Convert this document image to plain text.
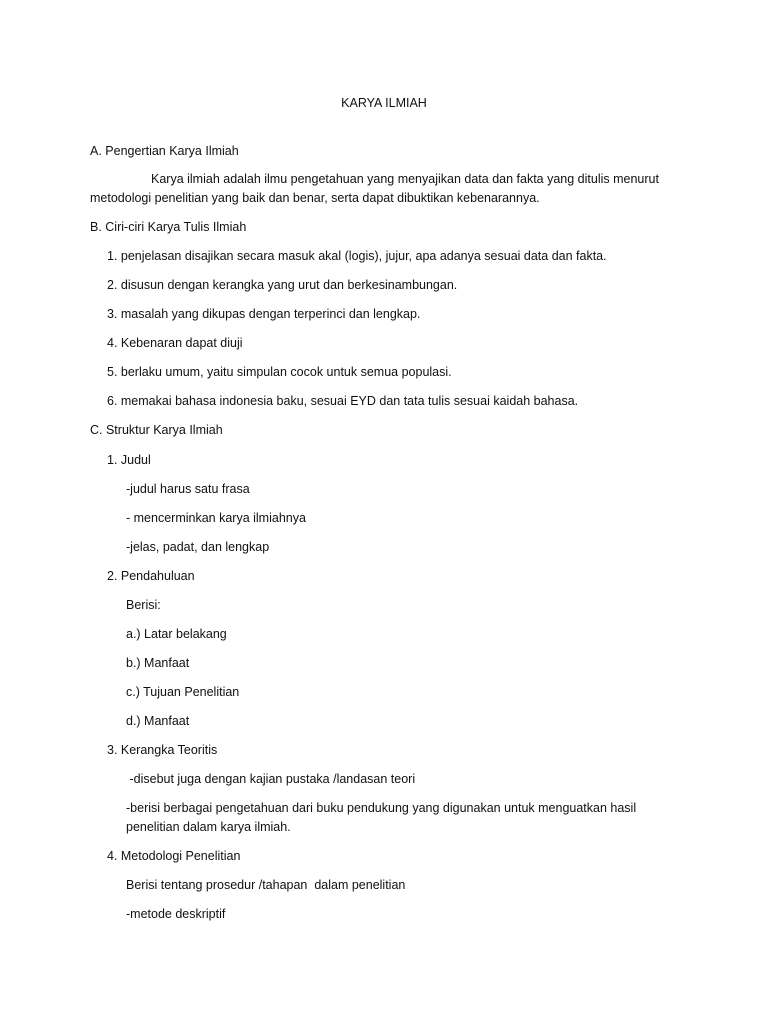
KARYA ILMIAH
A. Pengertian Karya Ilmiah
Karya ilmiah adalah ilmu pengetahuan yang menyajikan data dan fakta yang ditulis menurut
metodologi penelitian yang baik dan benar, serta dapat dibuktikan kebenarannya.
B. Ciri-ciri Karya Tulis Ilmiah
1. penjelasan disajikan secara masuk akal (logis), jujur, apa adanya sesuai data dan fakta.
2. disusun dengan kerangka yang urut dan berkesinambungan.
3. masalah yang dikupas dengan terperinci dan lengkap.
4. Kebenaran dapat diuji
5. berlaku umum, yaitu simpulan cocok untuk semua populasi.
6. memakai bahasa indonesia baku, sesuai EYD dan tata tulis sesuai kaidah bahasa.
C. Struktur Karya Ilmiah
1. Judul
-judul harus satu frasa
- mencerminkan karya ilmiahnya
-jelas, padat, dan lengkap
2. Pendahuluan
Berisi:
a.) Latar belakang
b.) Manfaat
c.) Tujuan Penelitian
d.) Manfaat
3. Kerangka Teoritis
-disebut juga dengan kajian pustaka /landasan teori
-berisi berbagai pengetahuan dari buku pendukung yang digunakan untuk menguatkan hasil
penelitian dalam karya ilmiah.
4. Metodologi Penelitian
Berisi tentang prosedur /tahapan  dalam penelitian
-metode deskriptif
